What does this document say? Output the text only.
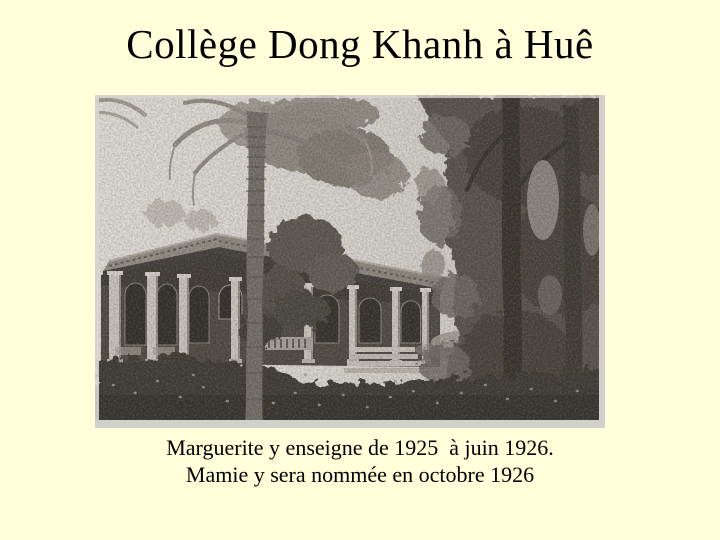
Collège Dong Khanh à Huê
Marguerite y enseigne de 1925  à juin 1926.
Mamie y sera nommée en octobre 1926
